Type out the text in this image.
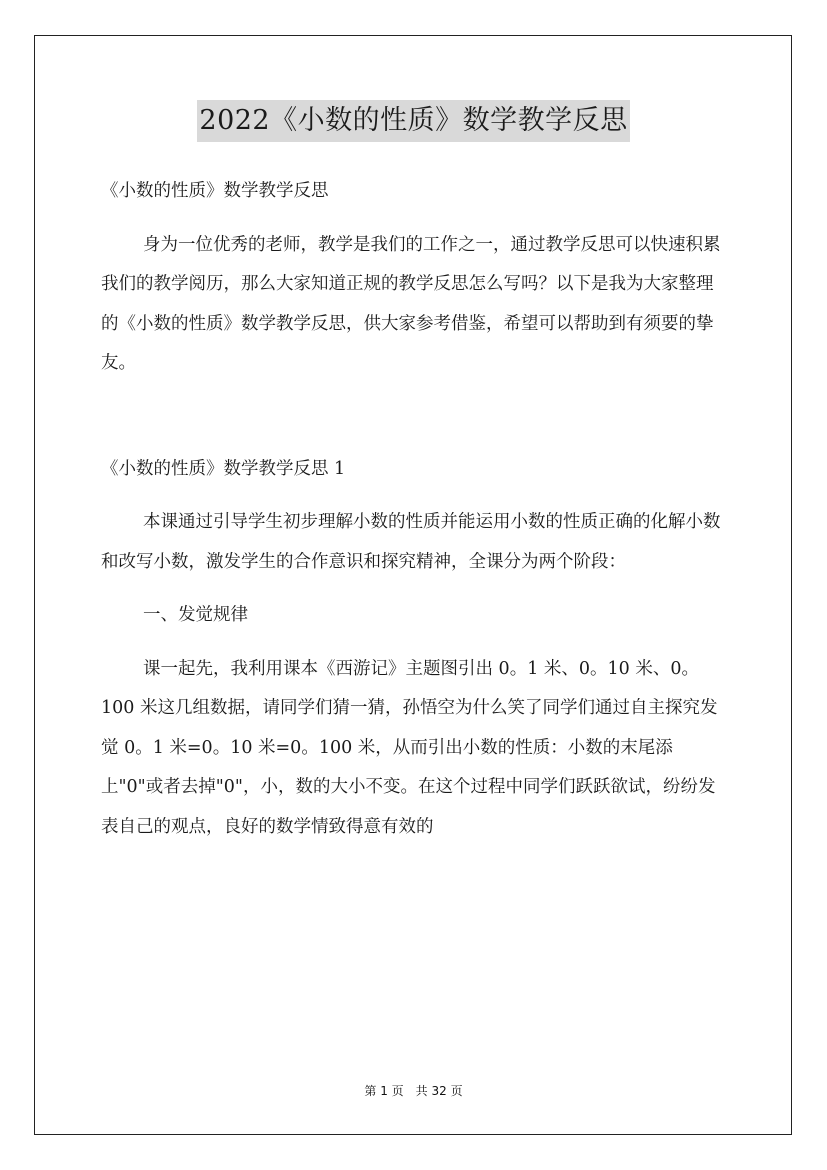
2022《小数的性质》数学教学反思

《小数的性质》数学教学反思

身为一位优秀的老师，教学是我们的工作之一，通过教学反思可以快速积累我们的教学阅历，那么大家知道正规的教学反思怎么写吗？以下是我为大家整理的《小数的性质》数学教学反思，供大家参考借鉴，希望可以帮助到有须要的挚友。

《小数的性质》数学教学反思 1

本课通过引导学生初步理解小数的性质并能运用小数的性质正确的化解小数和改写小数，激发学生的合作意识和探究精神，全课分为两个阶段：

一、发觉规律

课一起先，我利用课本《西游记》主题图引出 0。1 米、0。10 米、0。100 米这几组数据，请同学们猜一猜，孙悟空为什么笑了同学们通过自主探究发觉 0。1 米=0。10 米=0。100 米，从而引出小数的性质：小数的末尾添上"0"或者去掉"0"，小，数的大小不变。在这个过程中同学们跃跃欲试，纷纷发表自己的观点，良好的数学情致得意有效的

第 1 页　共 32 页
